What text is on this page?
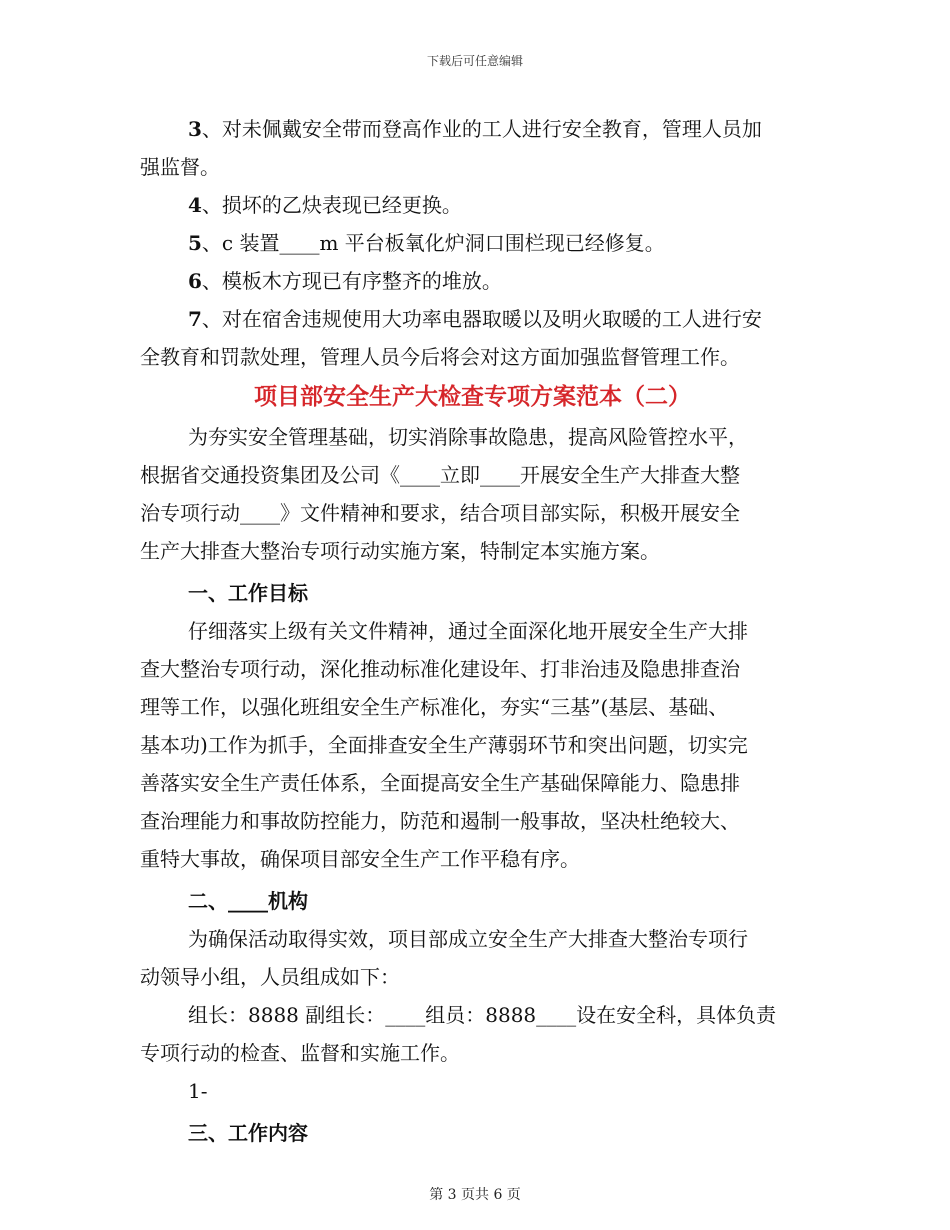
下载后可任意编辑
3、对未佩戴安全带而登高作业的工人进行安全教育，管理人员加
强监督。
4、损坏的乙炔表现已经更换。
5、c 装置____m 平台板氧化炉洞口围栏现已经修复。
6、模板木方现已有序整齐的堆放。
7、对在宿舍违规使用大功率电器取暖以及明火取暖的工人进行安
全教育和罚款处理，管理人员今后将会对这方面加强监督管理工作。
项目部安全生产大检查专项方案范本（二）
为夯实安全管理基础，切实消除事故隐患，提高风险管控水平，
根据省交通投资集团及公司《____立即____开展安全生产大排查大整
治专项行动____》文件精神和要求，结合项目部实际，积极开展安全
生产大排查大整治专项行动实施方案，特制定本实施方案。
一、工作目标
仔细落实上级有关文件精神，通过全面深化地开展安全生产大排
查大整治专项行动，深化推动标准化建设年、打非治违及隐患排查治
理等工作，以强化班组安全生产标准化，夯实“三基”(基层、基础、
基本功)工作为抓手，全面排查安全生产薄弱环节和突出问题，切实完
善落实安全生产责任体系，全面提高安全生产基础保障能力、隐患排
查治理能力和事故防控能力，防范和遏制一般事故，坚决杜绝较大、
重特大事故，确保项目部安全生产工作平稳有序。
二、____机构
为确保活动取得实效，项目部成立安全生产大排查大整治专项行
动领导小组，人员组成如下：
组长：8888 副组长：____组员：8888____设在安全科，具体负责
专项行动的检查、监督和实施工作。
1-
三、工作内容
第 3 页共 6 页
